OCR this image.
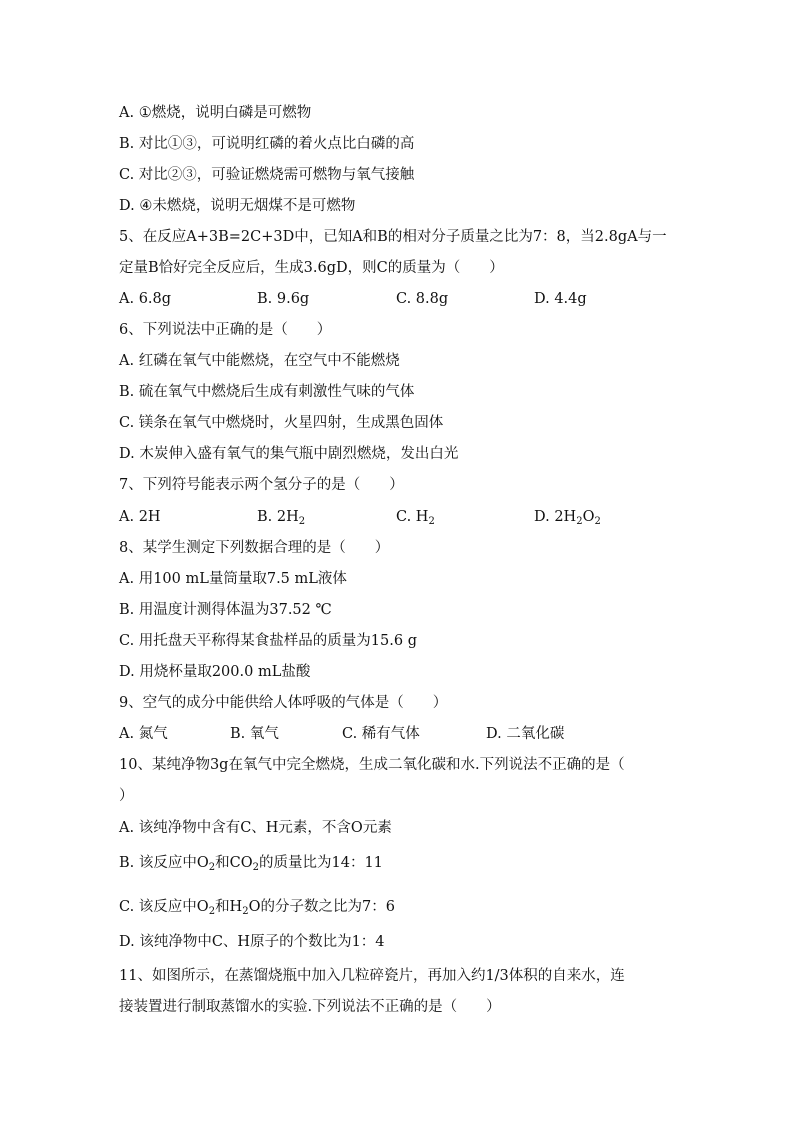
A. ①燃烧，说明白磷是可燃物
B. 对比①③，可说明红磷的着火点比白磷的高
C. 对比②③，可验证燃烧需可燃物与氧气接触
D. ④未燃烧，说明无烟煤不是可燃物
5、在反应A+3B=2C+3D中，已知A和B的相对分子质量之比为7：8，当2.8gA与一
定量B恰好完全反应后，生成3.6gD，则C的质量为（　　）
A. 6.8g	B. 9.6g	C. 8.8g	D. 4.4g
6、下列说法中正确的是（　　）
A. 红磷在氧气中能燃烧，在空气中不能燃烧
B. 硫在氧气中燃烧后生成有刺激性气味的气体
C. 镁条在氧气中燃烧时，火星四射，生成黑色固体
D. 木炭伸入盛有氧气的集气瓶中剧烈燃烧，发出白光
7、下列符号能表示两个氢分子的是（　　）
A. 2H	B. $2H_2$	C. $H_2$	D. $2H_2O_2$
8、某学生测定下列数据合理的是（　　）
A. 用100 mL量筒量取7.5 mL液体
B. 用温度计测得体温为37.52 ℃
C. 用托盘天平称得某食盐样品的质量为15.6 g
D. 用烧杯量取200.0 mL盐酸
9、空气的成分中能供给人体呼吸的气体是（　　）
A. 氮气	B. 氧气	C. 稀有气体	D. 二氧化碳
10、某纯净物3g在氧气中完全燃烧，生成二氧化碳和水.下列说法不正确的是（
）
A. 该纯净物中含有C、H元素，不含O元素
B. 该反应中$O_2$和$CO_2$的质量比为14：11
C. 该反应中$O_2$和$H_2O$的分子数之比为7：6
D. 该纯净物中C、H原子的个数比为1：4
11、如图所示，在蒸馏烧瓶中加入几粒碎瓷片，再加入约1/3体积的自来水，连
接装置进行制取蒸馏水的实验.下列说法不正确的是（　　）
